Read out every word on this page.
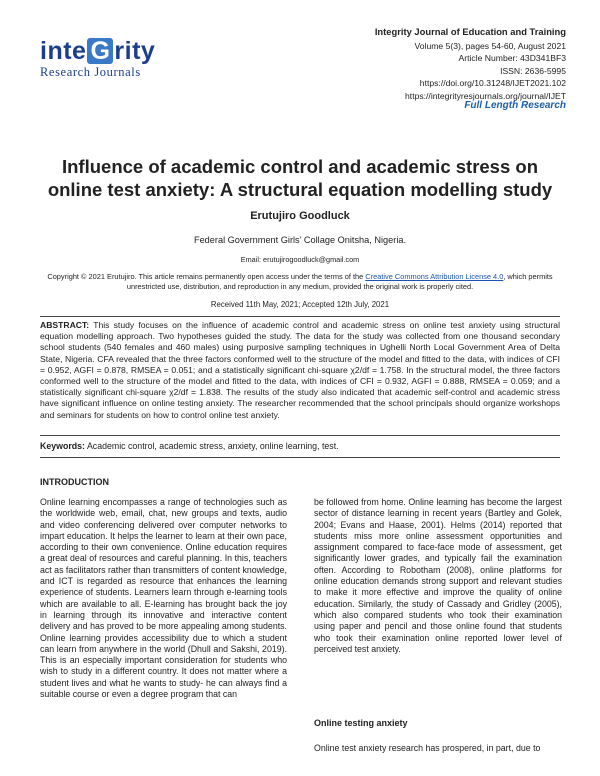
inte G rity
Research Journals
Integrity Journal of Education and Training
Volume 5(3), pages 54-60, August 2021
Article Number: 43D341BF3
ISSN: 2636-5995
https://doi.org/10.31248/IJET2021.102
https://integrityresjournals.org/journal/IJET
Full Length Research
Influence of academic control and academic stress on online test anxiety: A structural equation modelling study
Erutujiro Goodluck
Federal Government Girls’ Collage Onitsha, Nigeria.
Email: erutujirogoodluck@gmail.com
Copyright © 2021 Erutujiro. This article remains permanently open access under the terms of the Creative Commons Attribution License 4.0, which permits unrestricted use, distribution, and reproduction in any medium, provided the original work is properly cited.
Received 11th May, 2021; Accepted 12th July, 2021
ABSTRACT: This study focuses on the influence of academic control and academic stress on online test anxiety using structural equation modelling approach. Two hypotheses guided the study. The data for the study was collected from one thousand secondary school students (540 females and 460 males) using purposive sampling techniques in Ughelli North Local Government Area of Delta State, Nigeria. CFA revealed that the three factors conformed well to the structure of the model and fitted to the data, with indices of CFI = 0.952, AGFI = 0.878, RMSEA = 0.051; and a statistically significant chi-square χ2/df = 1.758. In the structural model, the three factors conformed well to the structure of the model and fitted to the data, with indices of CFI = 0.932, AGFI = 0.888, RMSEA = 0.059; and a statistically significant chi-square χ2/df = 1.838. The results of the study also indicated that academic self-control and academic stress have significant influence on online testing anxiety. The researcher recommended that the school principals should organize workshops and seminars for students on how to control online test anxiety.
Keywords: Academic control, academic stress, anxiety, online learning, test.
INTRODUCTION
Online learning encompasses a range of technologies such as the worldwide web, email, chat, new groups and texts, audio and video conferencing delivered over computer networks to impart education. It helps the learner to learn at their own pace, according to their own convenience. Online education requires a great deal of resources and careful planning. In this, teachers act as facilitators rather than transmitters of content knowledge, and ICT is regarded as resource that enhances the learning experience of students. Learners learn through e-learning tools which are available to all. E-learning has brought back the joy in learning through its innovative and interactive content delivery and has proved to be more appealing among students. Online learning provides accessibility due to which a student can learn from anywhere in the world (Dhull and Sakshi, 2019). This is an especially important consideration for students who wish to study in a different country. It does not matter where a student lives and what he wants to study- he can always find a suitable course or even a degree program that can
be followed from home. Online learning has become the largest sector of distance learning in recent years (Bartley and Golek, 2004; Evans and Haase, 2001). Helms (2014) reported that students miss more online assessment opportunities and assignment compared to face-face mode of assessment, get significantly lower grades, and typically fail the examination often. According to Robotham (2008), online platforms for online education demands strong support and relevant studies to make it more effective and improve the quality of online education. Similarly, the study of Cassady and Gridley (2005), which also compared students who took their examination using paper and pencil and those online found that students who took their examination online reported lower level of perceived test anxiety.
Online testing anxiety
Online test anxiety research has prospered, in part, due to
